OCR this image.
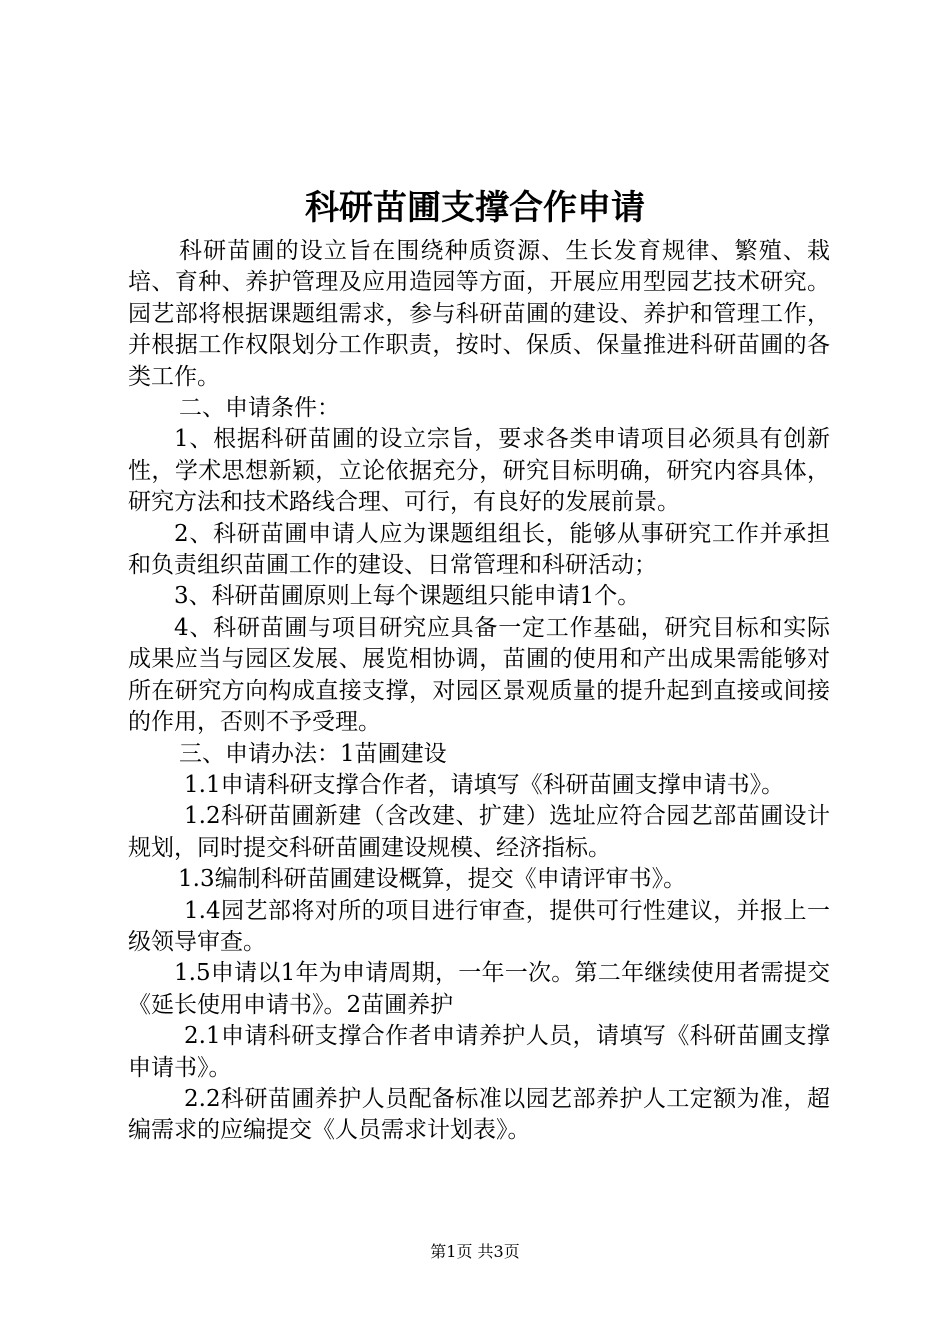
科研苗圃支撑合作申请

科研苗圃的设立旨在围绕种质资源、生长发育规律、繁殖、栽培、育种、养护管理及应用造园等方面，开展应用型园艺技术研究。园艺部将根据课题组需求，参与科研苗圃的建设、养护和管理工作，并根据工作权限划分工作职责，按时、保质、保量推进科研苗圃的各类工作。

二、申请条件：

1、根据科研苗圃的设立宗旨，要求各类申请项目必须具有创新性，学术思想新颖，立论依据充分，研究目标明确，研究内容具体，研究方法和技术路线合理、可行，有良好的发展前景。

2、科研苗圃申请人应为课题组组长，能够从事研究工作并承担和负责组织苗圃工作的建设、日常管理和科研活动；

3、科研苗圃原则上每个课题组只能申请1个。

4、科研苗圃与项目研究应具备一定工作基础，研究目标和实际成果应当与园区发展、展览相协调，苗圃的使用和产出成果需能够对所在研究方向构成直接支撑，对园区景观质量的提升起到直接或间接的作用，否则不予受理。

三、申请办法：1苗圃建设

1.1申请科研支撑合作者，请填写《科研苗圃支撑申请书》。

1.2科研苗圃新建（含改建、扩建）选址应符合园艺部苗圃设计规划，同时提交科研苗圃建设规模、经济指标。

1.3编制科研苗圃建设概算，提交《申请评审书》。

1.4园艺部将对所的项目进行审查，提供可行性建议，并报上一级领导审查。

1.5申请以1年为申请周期，一年一次。第二年继续使用者需提交《延长使用申请书》。2苗圃养护

2.1申请科研支撑合作者申请养护人员，请填写《科研苗圃支撑申请书》。

2.2科研苗圃养护人员配备标准以园艺部养护人工定额为准，超编需求的应编提交《人员需求计划表》。

第1页 共3页
